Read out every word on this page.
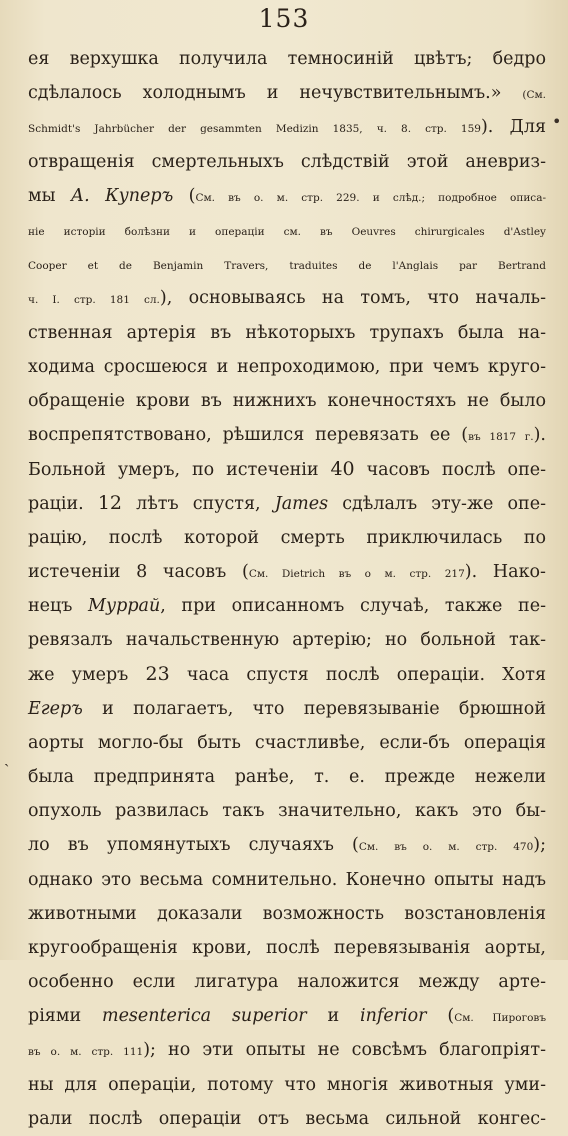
153
ея верхушка получила темносиній цвѣтъ; бедро
сдѣлалось холоднымъ и нечувствительнымъ.» (См.
Schmidt's Jahrbücher der gesammten Medizin 1835, ч. 8. стр. 159). Для
отвращенія смертельныхъ слѣдствій этой аневриз-
мы А. Куперъ (См. въ о. м. стр. 229. и слѣд.; подробное описа-
ніе исторіи болѣзни и операціи см. въ Oeuvres chirurgicales d'Astley
Cooper et de Benjamin Travers, traduites de l'Anglais par Bertrand
ч. I. стр. 181 сл.), основываясь на томъ, что началь-
ственная артерія въ нѣкоторыхъ трупахъ была на-
ходима сросшеюся и непроходимою, при чемъ круго-
обращеніе крови въ нижнихъ конечностяхъ не было
воспрепятствовано, рѣшился перевязать ее (въ 1817 г.).
Больной умеръ, по истеченіи 40 часовъ послѣ опе-
раціи. 12 лѣтъ спустя, James сдѣлалъ эту-же опе-
рацію, послѣ которой смерть приключилась по
истеченіи 8 часовъ (См. Dietrich въ о м. стр. 217). Нако-
нецъ Муррай, при описанномъ случаѣ, также пе-
ревязалъ начальственную артерію; но больной так-
же умеръ 23 часа спустя послѣ операціи. Хотя
Егеръ и полагаетъ, что перевязываніе брюшной
аорты могло-бы быть счастливѣе, если-бъ операція
была предпринята ранѣе, т. е. прежде нежели
опухоль развилась такъ значительно, какъ это бы-
ло въ упомянутыхъ случаяхъ (См. въ о. м. стр. 470);
однако это весьма сомнительно. Конечно опыты надъ
животными доказали возможность возстановленія
кругообращенія крови, послѣ перевязыванія аорты,
особенно если лигатура наложится между арте-
ріями mesenterica superior и inferior (См. Пироговъ
въ о. м. стр. 111); но эти опыты не совсѣмъ благопріят-
ны для операціи, потому что многія животныя уми-
рали послѣ операціи отъ весьма сильной конгес-
•
ˎ
